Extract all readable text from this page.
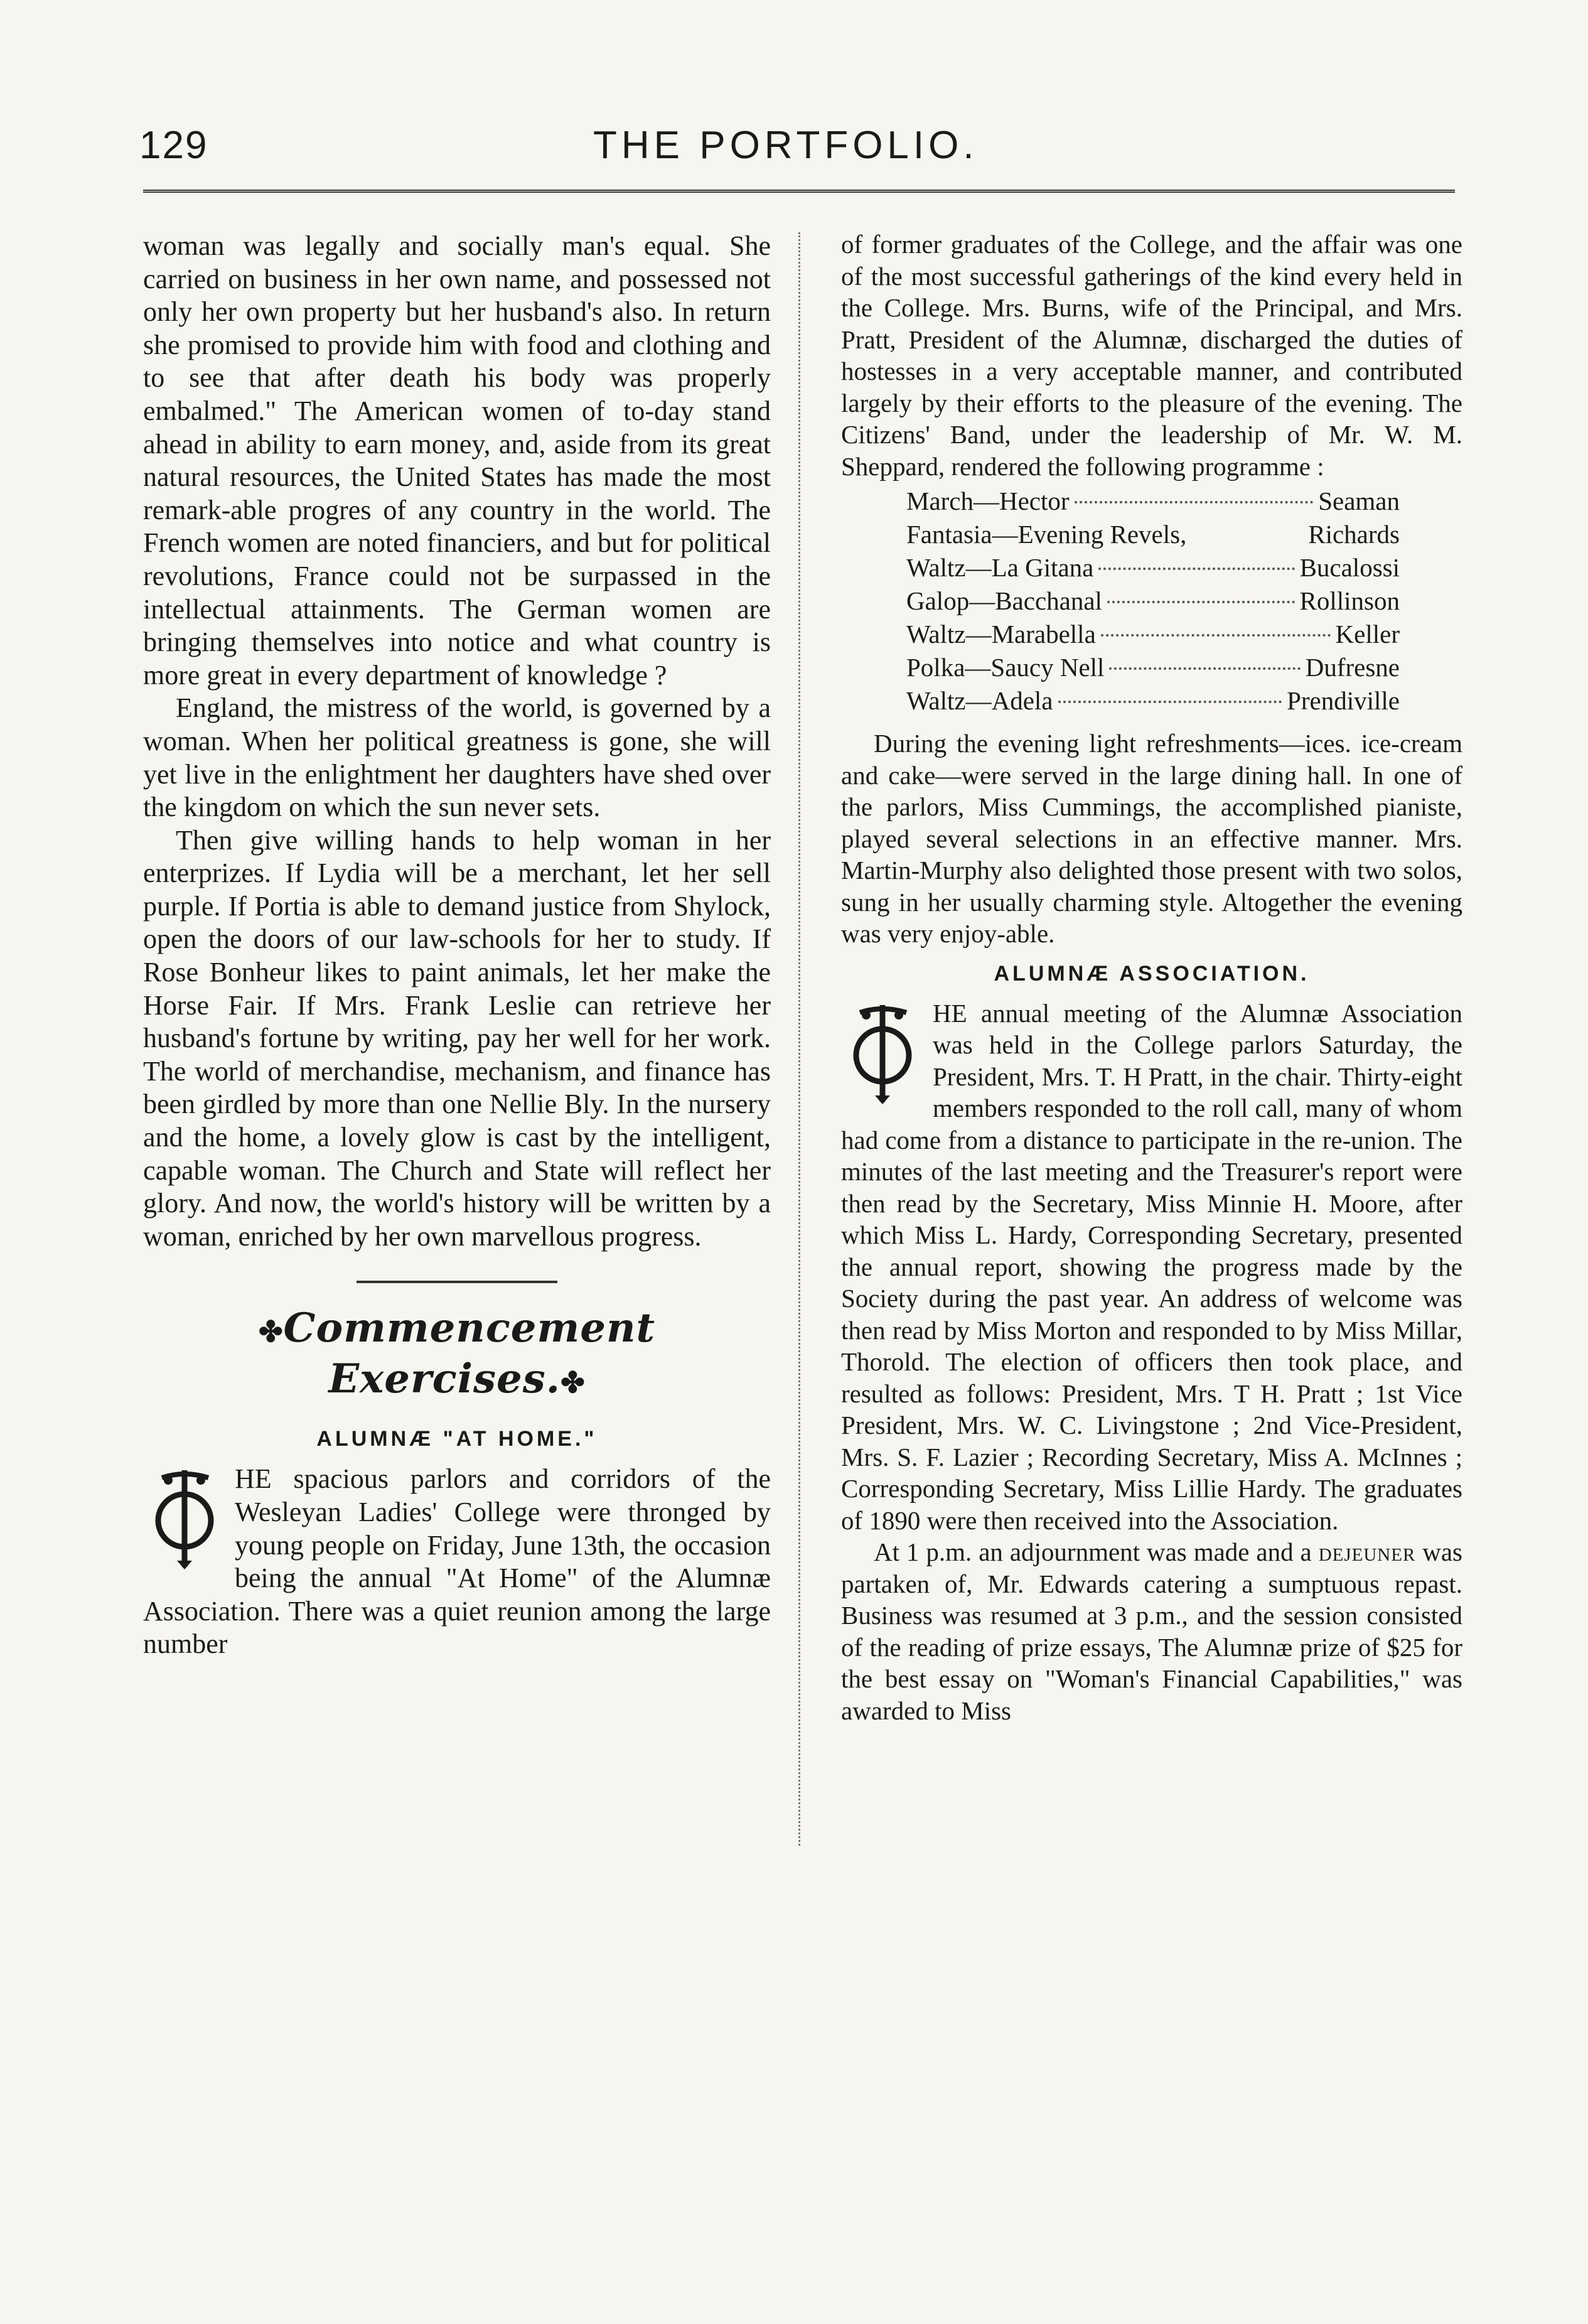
129	THE PORTFOLIO.

woman was legally and socially man's equal. She carried on business in her own name, and possessed not only her own property but her husband's also. In return she promised to provide him with food and clothing and to see that after death his body was properly embalmed." The American women of to-day stand ahead in ability to earn money, and, aside from its great natural resources, the United States has made the most remark-able progres of any country in the world. The French women are noted financiers, and but for political revolutions, France could not be surpassed in the intellectual attainments. The German women are bringing themselves into notice and what country is more great in every department of knowledge ?

England, the mistress of the world, is governed by a woman. When her political greatness is gone, she will yet live in the enlightment her daughters have shed over the kingdom on which the sun never sets.

Then give willing hands to help woman in her enterprizes. If Lydia will be a merchant, let her sell purple. If Portia is able to demand justice from Shylock, open the doors of our law-schools for her to study. If Rose Bonheur likes to paint animals, let her make the Horse Fair. If Mrs. Frank Leslie can retrieve her husband's fortune by writing, pay her well for her work. The world of merchandise, mechanism, and finance has been girdled by more than one Nellie Bly. In the nursery and the home, a lovely glow is cast by the intelligent, capable woman. The Church and State will reflect her glory. And now, the world's history will be written by a woman, enriched by her own marvellous progress.

✤Commencement Exercises.✤
ALUMNÆ "AT HOME."

HE spacious parlors and corridors of the Wesleyan Ladies' College were thronged by young people on Friday, June 13th, the occasion being the annual "At Home" of the Alumnæ Association. There was a quiet reunion among the large number

of former graduates of the College, and the affair was one of the most successful gatherings of the kind every held in the College. Mrs. Burns, wife of the Principal, and Mrs. Pratt, President of the Alumnæ, discharged the duties of hostesses in a very acceptable manner, and contributed largely by their efforts to the pleasure of the evening. The Citizens' Band, under the leadership of Mr. W. M. Sheppard, rendered the following programme :

March—Hector	Seaman
Fantasia—Evening Revels,	Richards
Waltz—La Gitana	Bucalossi
Galop—Bacchanal	Rollinson
Waltz—Marabella	Keller
Polka—Saucy Nell	Dufresne
Waltz—Adela	Prendiville

During the evening light refreshments—ices. ice-cream and cake—were served in the large dining hall. In one of the parlors, Miss Cummings, the accomplished pianiste, played several selections in an effective manner. Mrs. Martin-Murphy also delighted those present with two solos, sung in her usually charming style. Altogether the evening was very enjoy-able.

ALUMNÆ ASSOCIATION.

HE annual meeting of the Alumnæ Association was held in the College parlors Saturday, the President, Mrs. T. H Pratt, in the chair. Thirty-eight members responded to the roll call, many of whom had come from a distance to participate in the re-union. The minutes of the last meeting and the Treasurer's report were then read by the Secretary, Miss Minnie H. Moore, after which Miss L. Hardy, Corresponding Secretary, presented the annual report, showing the progress made by the Society during the past year. An address of welcome was then read by Miss Morton and responded to by Miss Millar, Thorold. The election of officers then took place, and resulted as follows: President, Mrs. T H. Pratt ; 1st Vice President, Mrs. W. C. Livingstone ; 2nd Vice-President, Mrs. S. F. Lazier ; Recording Secretary, Miss A. McInnes ; Corresponding Secretary, Miss Lillie Hardy. The graduates of 1890 were then received into the Association.

At 1 p.m. an adjournment was made and a dejeuner was partaken of, Mr. Edwards catering a sumptuous repast. Business was resumed at 3 p.m., and the session consisted of the reading of prize essays, The Alumnæ prize of $25 for the best essay on "Woman's Financial Capabilities," was awarded to Miss
